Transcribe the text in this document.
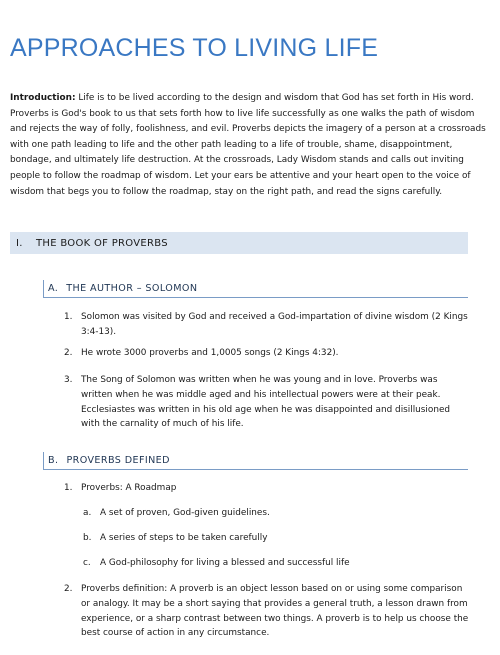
APPROACHES TO LIVING LIFE

Introduction: Life is to be lived according to the design and wisdom that God has set forth in His word. Proverbs is God's book to us that sets forth how to live life successfully as one walks the path of wisdom and rejects the way of folly, foolishness, and evil. Proverbs depicts the imagery of a person at a crossroads with one path leading to life and the other path leading to a life of trouble, shame, disappointment, bondage, and ultimately life destruction. At the crossroads, Lady Wisdom stands and calls out inviting people to follow the roadmap of wisdom. Let your ears be attentive and your heart open to the voice of wisdom that begs you to follow the roadmap, stay on the right path, and read the signs carefully.

I.	THE BOOK OF PROVERBS
A. THE AUTHOR – SOLOMON
1. Solomon was visited by God and received a God-impartation of divine wisdom (2 Kings 3:4-13).
2. He wrote 3000 proverbs and 1,0005 songs (2 Kings 4:32).
3. The Song of Solomon was written when he was young and in love. Proverbs was written when he was middle aged and his intellectual powers were at their peak. Ecclesiastes was written in his old age when he was disappointed and disillusioned with the carnality of much of his life.
B. PROVERBS DEFINED
1. Proverbs: A Roadmap
a. A set of proven, God-given guidelines.
b. A series of steps to be taken carefully
c. A God-philosophy for living a blessed and successful life
2. Proverbs definition: A proverb is an object lesson based on or using some comparison or analogy. It may be a short saying that provides a general truth, a lesson drawn from experience, or a sharp contrast between two things. A proverb is to help us choose the best course of action in any circumstance.
